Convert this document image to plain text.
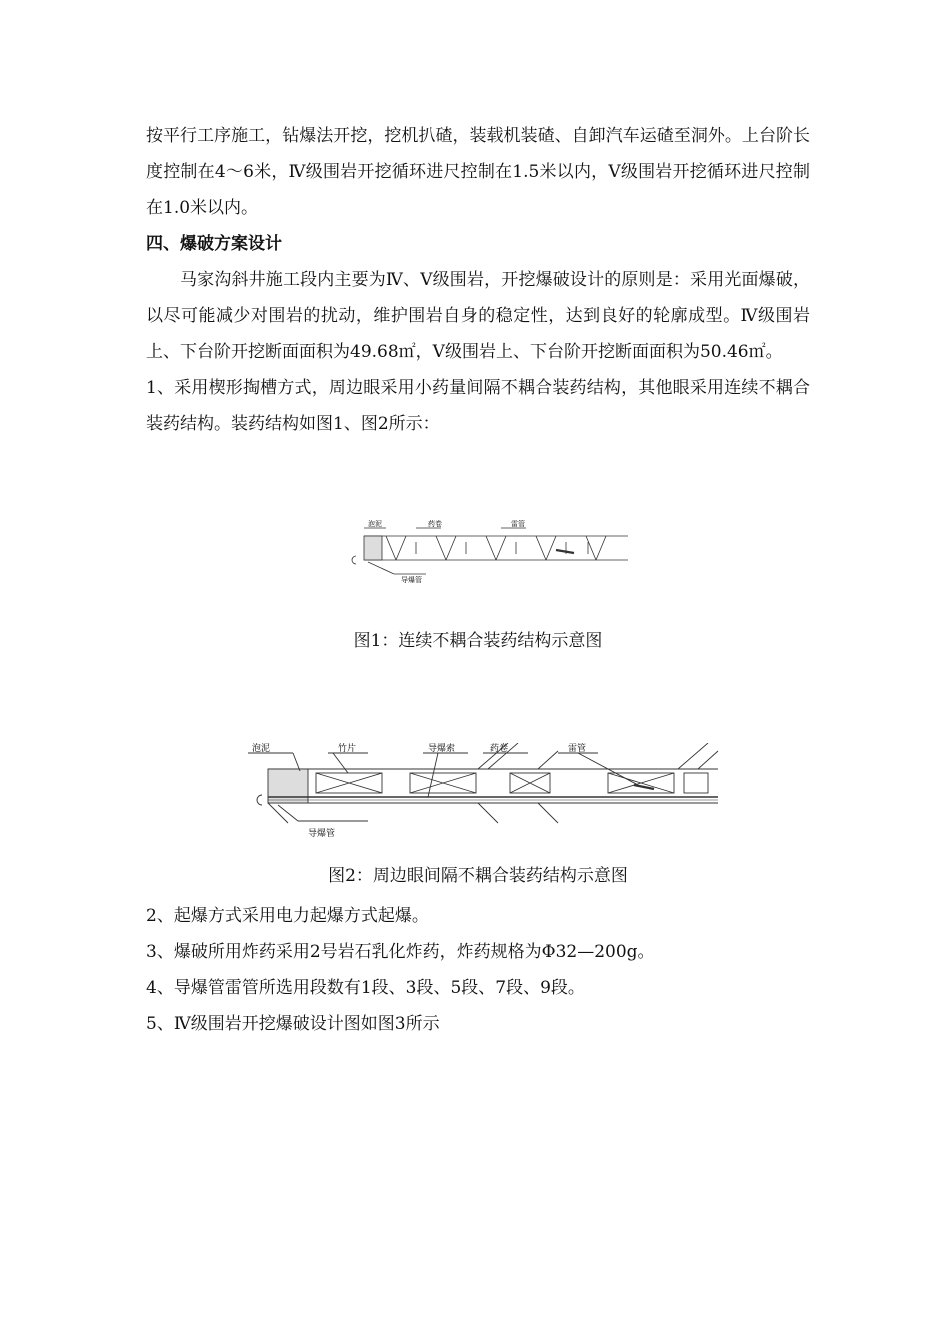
按平行工序施工，钻爆法开挖，挖机扒碴，装载机装碴、自卸汽车运碴至洞外。上台阶长度控制在4～6米，Ⅳ级围岩开挖循环进尺控制在1.5米以内，Ⅴ级围岩开挖循环进尺控制在1.0米以内。

四、爆破方案设计

马家沟斜井施工段内主要为Ⅳ、Ⅴ级围岩，开挖爆破设计的原则是：采用光面爆破，以尽可能减少对围岩的扰动，维护围岩自身的稳定性，达到良好的轮廓成型。Ⅳ级围岩上、下台阶开挖断面面积为49.68㎡，Ⅴ级围岩上、下台阶开挖断面面积为50.46㎡。

1、采用楔形掏槽方式，周边眼采用小药量间隔不耦合装药结构，其他眼采用连续不耦合装药结构。装药结构如图1、图2所示：

泡泥	药卷	雷管
导爆管

图1：连续不耦合装药结构示意图

泡泥	竹片	导爆索	药卷	雷管
导爆管

图2：周边眼间隔不耦合装药结构示意图

2、起爆方式采用电力起爆方式起爆。

3、爆破所用炸药采用2号岩石乳化炸药，炸药规格为Φ32—200g。

4、导爆管雷管所选用段数有1段、3段、5段、7段、9段。

5、Ⅳ级围岩开挖爆破设计图如图3所示
